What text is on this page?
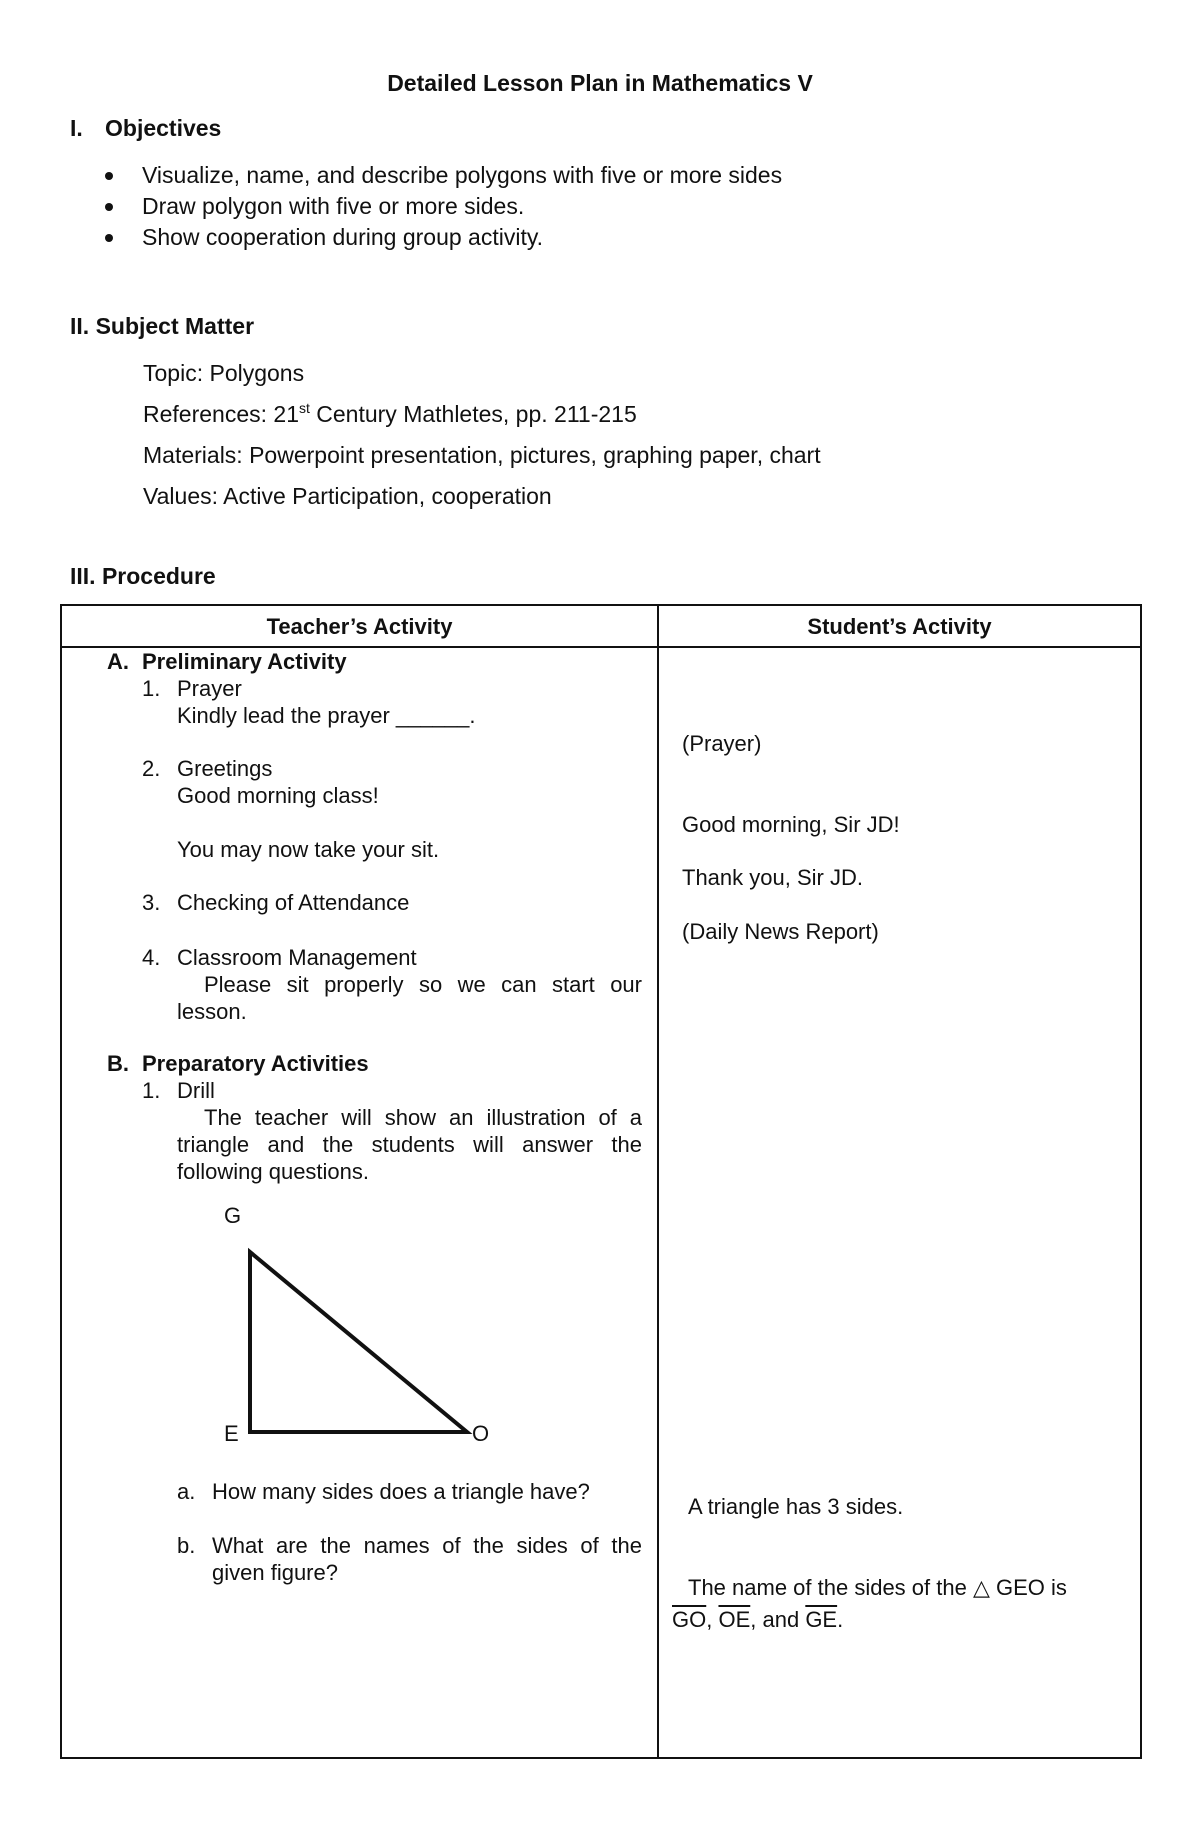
Detailed Lesson Plan in Mathematics V
I. Objectives
Visualize, name, and describe polygons with five or more sides
Draw polygon with five or more sides.
Show cooperation during group activity.
II. Subject Matter
Topic: Polygons
References: 21st Century Mathletes, pp. 211-215
Materials: Powerpoint presentation, pictures, graphing paper, chart
Values: Active Participation, cooperation
III. Procedure
Teacher’s Activity	Student’s Activity
A. Preliminary Activity
1. Prayer
Kindly lead the prayer ______.
2. Greetings
Good morning class!
You may now take your sit.
3. Checking of Attendance
4. Classroom Management
Please sit properly so we can start our lesson.
B. Preparatory Activities
1. Drill
The teacher will show an illustration of a triangle and the students will answer the following questions.
G
E	O
a. How many sides does a triangle have?
b. What are the names of the sides of the given figure?
(Prayer)
Good morning, Sir JD!
Thank you, Sir JD.
(Daily News Report)
A triangle has 3 sides.
The name of the sides of the △ GEO is
$\overline{GO}$, $\overline{OE}$, and $\overline{GE}$.
